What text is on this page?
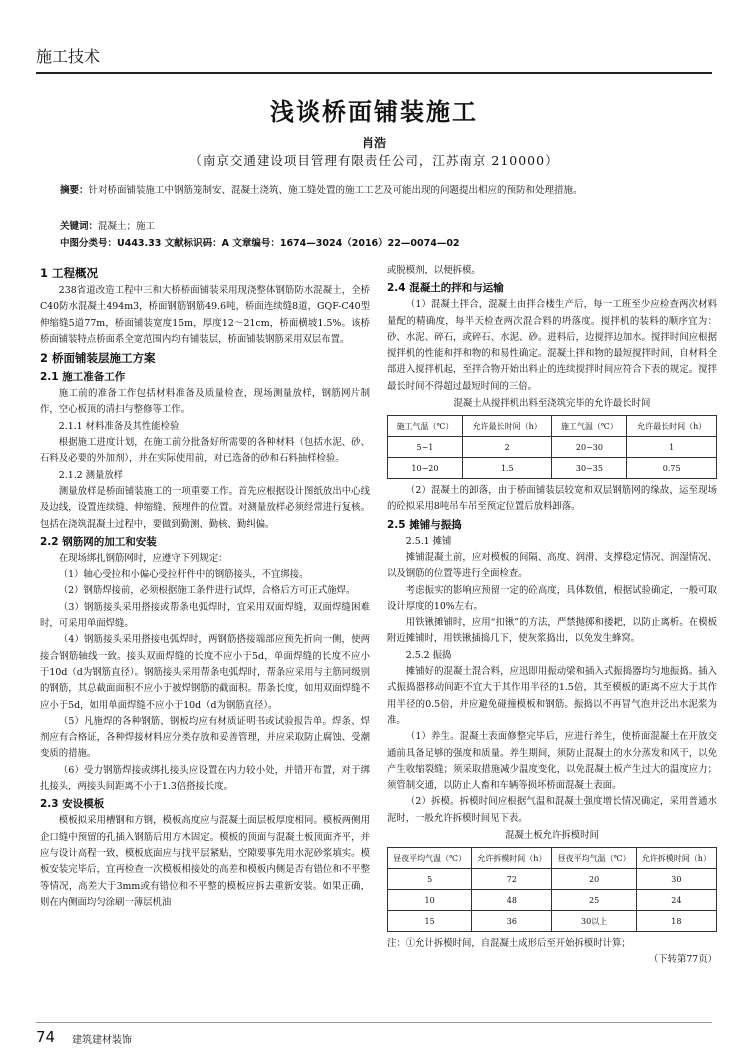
施工技术
浅谈桥面铺装施工
肖浩
（南京交通建设项目管理有限责任公司，江苏南京 210000）
摘要：针对桥面铺装施工中钢筋笼制安、混凝土浇筑、施工缝处置的施工工艺及可能出现的问题提出相应的预防和处理措施。
关键词：混凝土；施工
中图分类号：U443.33 文献标识码：A 文章编号：1674—3024（2016）22—0074—02
1 工程概况

238省道改造工程中三和大桥桥面铺装采用现浇整体钢筋防水混凝土，全桥C40防水混凝土494m3，桥面钢筋钢筋49.6吨，桥面连续缝8道，GQF-C40型伸缩缝5道77m，桥面铺装宽度15m，厚度12～21cm，桥面横坡1.5%。该桥桥面铺装特点桥面系全宽范围内均有铺装层，桥面铺装钢筋采用双层布置。

2 桥面铺装层施工方案
2.1 施工准备工作

施工前的准备工作包括材料准备及质量检查，现场测量放样，钢筋网片制作，空心板顶的清扫与整修等工作。

2.1.1 材料准备及其性能检验

根据施工进度计划，在施工前分批备好所需要的各种材料（包括水泥、砂、石料及必要的外加剂），并在实际使用前，对已选备的砂和石料抽样检验。

2.1.2 测量放样

测量放样是桥面铺装施工的一项重要工作。首先应根据设计图纸放出中心线及边线，设置连续缝、伸缩缝、预埋件的位置。对测量放样必须经常进行复核。包括在浇筑混凝土过程中，要做到勤测、勤核、勤纠偏。

2.2 钢筋网的加工和安装

在现场绑扎钢筋网时，应遵守下列规定：

（1）轴心受拉和小偏心受拉杆件中的钢筋接头，不宜绑接。

（2）钢筋焊接前，必须根据施工条件进行试焊，合格后方可正式施焊。

（3）钢筋接头采用搭接或帮条电弧焊时，宜采用双面焊缝，双面焊缝困难时，可采用单面焊缝。

（4）钢筋接头采用搭接电弧焊时，两钢筋搭接端部应预先折向一侧，使两接合钢筋轴线一致。接头双面焊缝的长度不应小于5d，单面焊缝的长度不应小于10d（d为钢筋直径）。钢筋接头采用帮条电弧焊时，帮条应采用与主筋同级别的钢筋，其总截面面积不应小于被焊钢筋的截面积。帮条长度，如用双面焊缝不应小于5d，如用单面焊缝不应小于10d（d为钢筋直径）。

（5）凡施焊的各种钢筋、钢板均应有材质证明书或试验报告单。焊条、焊剂应有合格证，各种焊接材料应分类存放和妥善管理，并应采取防止腐蚀、受潮变质的措施。

（6）受力钢筋焊接或绑扎接头应设置在内力较小处，并错开布置，对于绑扎接头，两接头间距离不小于1.3倍搭接长度。

2.3 安设模板

模板拟采用槽钢和方钢，模板高度应与混凝土面层板厚度相同。模板两侧用企口缝中预留的孔插入钢筋后用方木固定。模板的顶面与混凝土板顶面齐平，并应与设计高程一致，模板底面应与找平层紧贴，空隙要事先用水泥砂浆填实。模板安装完毕后，宜再检查一次模板相接处的高差和模板内侧是否有错位和不平整等情况，高差大于3mm或有错位和不平整的模板应拆去重新安装。如果正确，则在内侧面均匀涂刷一薄层机油

或脱模剂，以便拆模。

2.4 混凝土的拌和与运输

（1）混凝土拌合，混凝土由拌合楼生产后，每一工班至少应检查两次材料量配的精确度，每半天检查两次混合料的坍落度。搅拌机的装料的顺序宜为：砂、水泥、碎石，或碎石、水泥、砂。进料后，边搅拌边加水。搅拌时间应根据搅拌机的性能和拌和物的和易性确定。混凝土拌和物的最短搅拌时间，自材料全部进入搅拌机起，至拌合物开始出料止的连续搅拌时间应符合下表的规定。搅拌最长时间不得超过最短时间的三倍。

混凝土从搅拌机出料至浇筑完毕的允许最长时间
施工气温（℃）	允许最长时间（h）	施工气温（℃）	允许最长时间（h）
5~1	2	20~30	1
10~20	1.5	30~35	0.75

（2）混凝土的卸落，由于桥面铺装层较宽和双层钢筋网的缘故，运至现场的砼拟采用8吨吊车吊至预定位置后放料卸落。

2.5 摊铺与振捣

2.5.1 摊铺

摊铺混凝土前，应对模板的间隔、高度、润滑、支撑稳定情况、润湿情况、以及钢筋的位置等进行全面检查。

考虑振实的影响应预留一定的砼高度，具体数值，根据试验确定，一般可取设计厚度的10%左右。

用铁锹摊铺时，应用“扣锹”的方法，严禁抛掷和搂耙，以防止离析。在模板附近摊铺时，用铁锹插捣几下，使灰浆捣出，以免发生蜂窝。

2.5.2 振捣

摊铺好的混凝土混合料，应迅即用振动梁和插入式振捣器均匀地振捣。插入式振捣器移动间距不宜大于其作用半径的1.5倍，其至模板的距离不应大于其作用半径的0.5倍，并应避免碰撞模板和钢筋。振捣以不再冒气泡并泛出水泥浆为准。

（1）养生。混凝土表面修整完毕后，应进行养生，使桥面混凝土在开放交通前具备足够的强度和质量。养生期间，须防止混凝土的水分蒸发和风干，以免产生收缩裂缝；须采取措施减少温度变化，以免混凝土板产生过大的温度应力；须管制交通，以防止人畜和车辆等损坏桥面混凝土表面。

（2）拆模。拆模时间应根据气温和混凝土强度增长情况确定，采用普通水泥时，一般允许拆模时间见下表。

混凝土板允许拆模时间
昼夜平均气温（℃）	允许拆模时间（h）	昼夜平均气温（℃）	允许拆模时间（h）
5	72	20	30
10	48	25	24
15	36	30以上	18

注：①允计拆模时间，自混凝土成形后至开始拆模时计算；

（下转第77页）

74 建筑建材装饰
